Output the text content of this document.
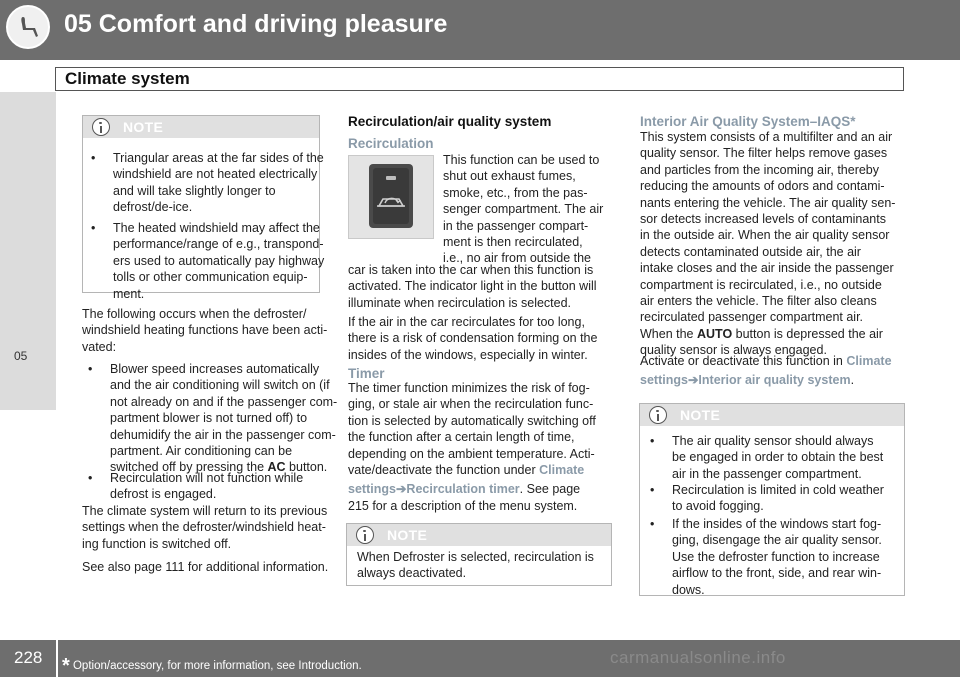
05 Comfort and driving pleasure
05
Climate system
NOTE
• Triangular areas at the far sides of the
windshield are not heated electrically
and will take slightly longer to
defrost/de-ice.
• The heated windshield may affect the
performance/range of e.g., transpond-
ers used to automatically pay highway
tolls or other communication equip-
ment.
The following occurs when the defroster/
windshield heating functions have been acti-
vated:
• Blower speed increases automatically
and the air conditioning will switch on (if
not already on and if the passenger com-
partment blower is not turned off) to
dehumidify the air in the passenger com-
partment. Air conditioning can be
switched off by pressing the AC button.
• Recirculation will not function while
defrost is engaged.
The climate system will return to its previous
settings when the defroster/windshield heat-
ing function is switched off.
See also page 111 for additional information.
Recirculation/air quality system
Recirculation
This function can be used to
shut out exhaust fumes,
smoke, etc., from the pas-
senger compartment. The air
in the passenger compart-
ment is then recirculated,
i.e., no air from outside the
car is taken into the car when this function is
activated. The indicator light in the button will
illuminate when recirculation is selected.
If the air in the car recirculates for too long,
there is a risk of condensation forming on the
insides of the windows, especially in winter.
Timer
The timer function minimizes the risk of fog-
ging, or stale air when the recirculation func-
tion is selected by automatically switching off
the function after a certain length of time,
depending on the ambient temperature. Acti-
vate/deactivate the function under Climate
settings➔Recirculation timer. See page
215 for a description of the menu system.
NOTE
When Defroster is selected, recirculation is
always deactivated.
Interior Air Quality System–IAQS*
This system consists of a multifilter and an air
quality sensor. The filter helps remove gases
and particles from the incoming air, thereby
reducing the amounts of odors and contami-
nants entering the vehicle. The air quality sen-
sor detects increased levels of contaminants
in the outside air. When the air quality sensor
detects contaminated outside air, the air
intake closes and the air inside the passenger
compartment is recirculated, i.e., no outside
air enters the vehicle. The filter also cleans
recirculated passenger compartment air.
When the AUTO button is depressed the air
quality sensor is always engaged.
Activate or deactivate this function in Climate
settings➔Interior air quality system.
NOTE
• The air quality sensor should always
be engaged in order to obtain the best
air in the passenger compartment.
• Recirculation is limited in cold weather
to avoid fogging.
• If the insides of the windows start fog-
ging, disengage the air quality sensor.
Use the defroster function to increase
airflow to the front, side, and rear win-
dows.
228 * Option/accessory, for more information, see Introduction.	carmanualsonline.info
